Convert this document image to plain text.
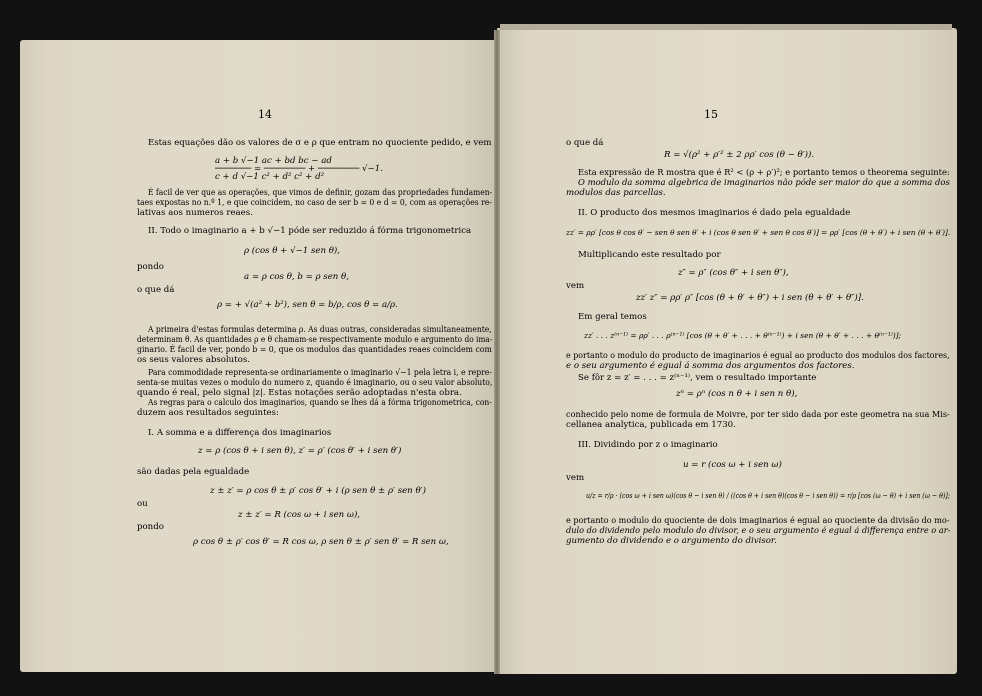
14
Estas equações dão os valores de σ e ρ que entram no quociente pedido, e vem
a + b √−1 ac + bd bc − ad
─────── = ──────── + ──────── √−1.
c + d √−1 c² + d² c² + d²
É facil de ver que as operações, que vimos de definir, gozam das propriedades fundamen-
taes expostas no n.º 1, e que coincidem, no caso de ser b = 0 e d = 0, com as operações re-
lativas aos numeros reaes.
II. Todo o imaginario a + b √−1 póde ser reduzido á fórma trigonometrica
ρ (cos θ + √−1 sen θ),
pondo
a = ρ cos θ, b = ρ sen θ,
o que dá
ρ = + √(a² + b²), sen θ = b/ρ, cos θ = a/ρ.
A primeira d'estas formulas determina ρ. As duas outras, consideradas simultaneamente,
determinam θ. As quantidades ρ e θ chamam-se respectivamente modulo e argumento do ima-
ginario. É facil de ver, pondo b = 0, que os modulos das quantidades reaes coincidem com
os seus valores absolutos.
Para commodidade representa-se ordinariamente o imaginario √−1 pela letra i, e repre-
senta-se muitas vezes o modulo do numero z, quando é imaginario, ou o seu valor absoluto,
quando é real, pelo signal |z|. Estas notações serão adoptadas n'esta obra.
As regras para o calculo dos imaginarios, quando se lhes dá a fórma trigonometrica, con-
duzem aos resultados seguintes:
I. A somma e a differença dos imaginarios
z = ρ (cos θ + i sen θ), z′ = ρ′ (cos θ′ + i sen θ′)
são dadas pela egualdade
z ± z′ = ρ cos θ ± ρ′ cos θ′ + i (ρ sen θ ± ρ′ sen θ′)
ou
z ± z′ = R (cos ω + i sen ω),
pondo
ρ cos θ ± ρ′ cos θ′ = R cos ω, ρ sen θ ± ρ′ sen θ′ = R sen ω,
15
o que dá
R = √(ρ² + ρ′² ± 2 ρρ′ cos (θ − θ′)).
Esta expressão de R mostra que é R² < (ρ + ρ′)²; e portanto temos o theorema seguinte:
O modulo da somma algebrica de imaginarios não póde ser maior do que a somma dos
modulos das parcellas.
II. O producto dos mesmos imaginarios é dado pela egualdade
zz′ = ρρ′ [cos θ cos θ′ − sen θ sen θ′ + i (cos θ sen θ′ + sen θ cos θ′)] = ρρ′ [cos (θ + θ′) + i sen (θ + θ′)].
Multiplicando este resultado por
z″ = ρ″ (cos θ″ + i sen θ″),
vem
zz′ z″ = ρρ′ ρ″ [cos (θ + θ′ + θ″) + i sen (θ + θ′ + θ″)].
Em geral temos
zz′ . . . z⁽ⁿ⁻¹⁾ = ρρ′ . . . ρ⁽ⁿ⁻¹⁾ [cos (θ + θ′ + . . . + θ⁽ⁿ⁻¹⁾) + i sen (θ + θ′ + . . . + θ⁽ⁿ⁻¹⁾)];
e portanto o modulo do producto de imaginarios é egual ao producto dos modulos dos factores,
e o seu argumento é egual á somma dos argumentos dos factores.
Se fôr z = z′ = . . . = z⁽ⁿ⁻¹⁾, vem o resultado importante
zⁿ = ρⁿ (cos n θ + i sen n θ),
conhecido pelo nome de formula de Moivre, por ter sido dada por este geometra na sua Mis-
cellanea analytica, publicada em 1730.
III. Dividindo por z o imaginario
u = r (cos ω + i sen ω)
vem
u/z = r/ρ · (cos ω + i sen ω)(cos θ − i sen θ) / ((cos θ + i sen θ)(cos θ − i sen θ)) = r/ρ [cos (ω − θ) + i sen (ω − θ)];
e portanto o modulo do quociente de dois imaginarios é egual ao quociente da divisão do mo-
dulo do dividendo pelo modulo do divisor, e o seu argumento é egual á differença entre o ar-
gumento do dividendo e o argumento do divisor.
